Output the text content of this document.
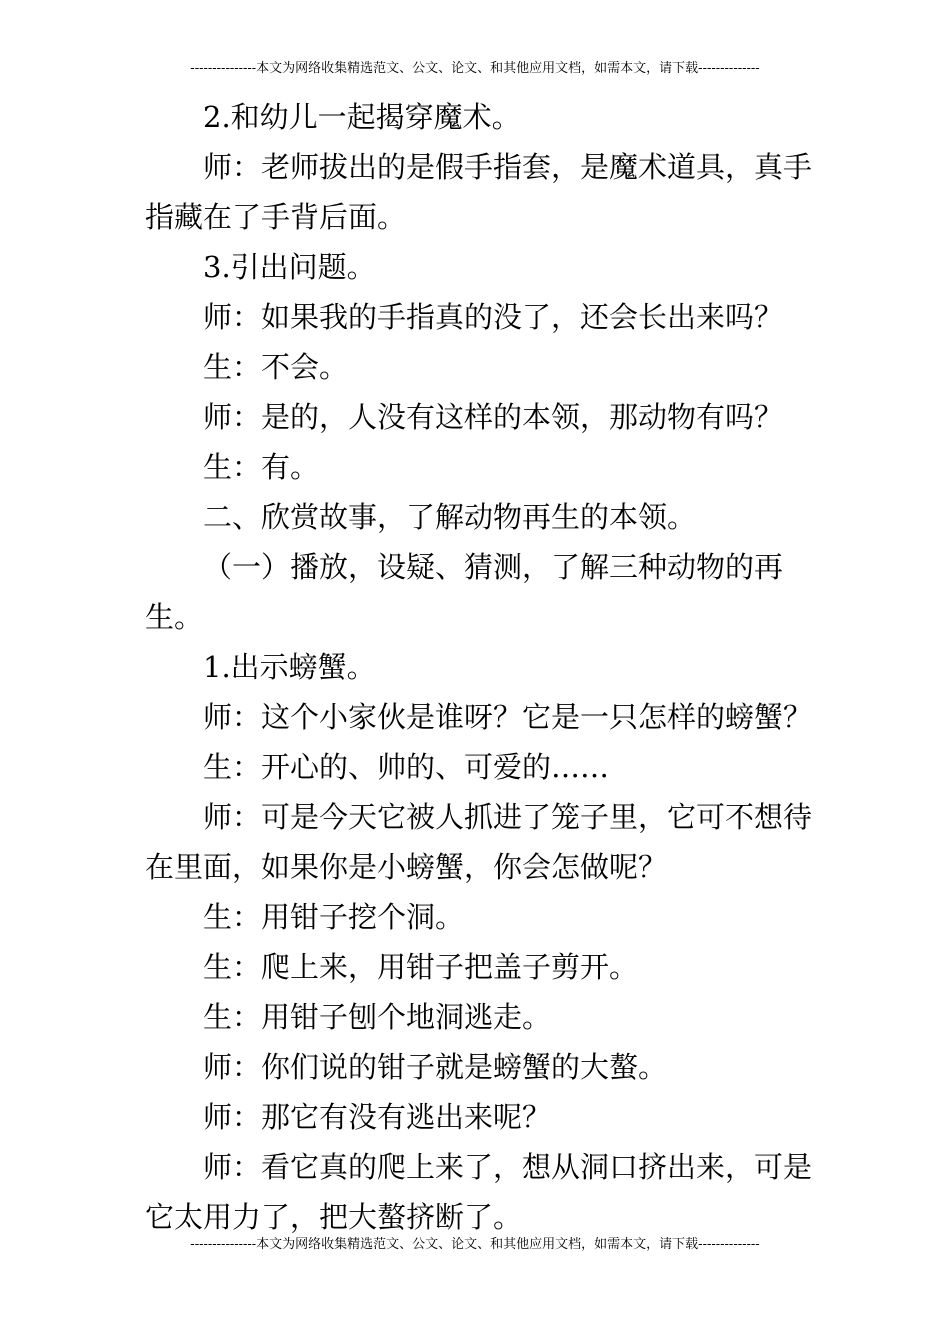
---------------本文为网络收集精选范文、公文、论文、和其他应用文档，如需本文，请下载--------------

2.和幼儿一起揭穿魔术。

师：老师拔出的是假手指套，是魔术道具，真手指藏在了手背后面。

3.引出问题。

师：如果我的手指真的没了，还会长出来吗？

生：不会。

师：是的，人没有这样的本领，那动物有吗？

生：有。

二、欣赏故事，了解动物再生的本领。

（一）播放，设疑、猜测，了解三种动物的再生。

1.出示螃蟹。

师：这个小家伙是谁呀？它是一只怎样的螃蟹？

生：开心的、帅的、可爱的……

师：可是今天它被人抓进了笼子里，它可不想待在里面，如果你是小螃蟹，你会怎做呢？

生：用钳子挖个洞。

生：爬上来，用钳子把盖子剪开。

生：用钳子刨个地洞逃走。

师：你们说的钳子就是螃蟹的大螯。

师：那它有没有逃出来呢？

师：看它真的爬上来了，想从洞口挤出来，可是它太用力了，把大螯挤断了。

---------------本文为网络收集精选范文、公文、论文、和其他应用文档，如需本文，请下载--------------
